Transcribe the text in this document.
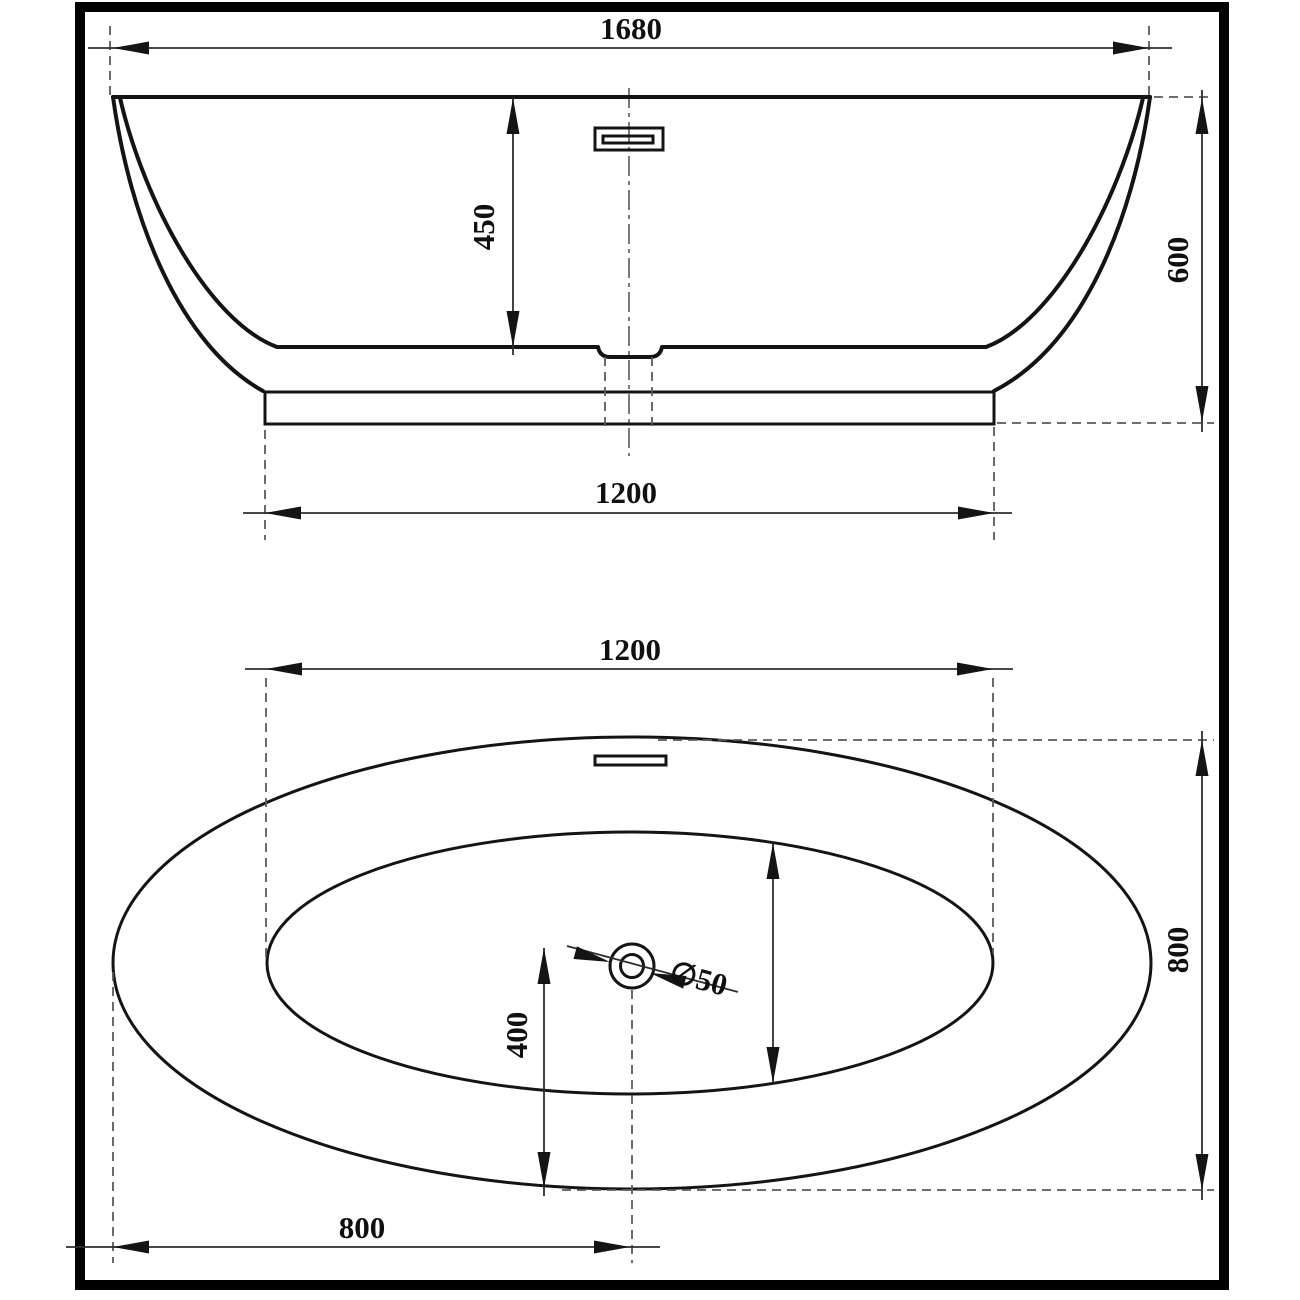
1680
450
600
1200
∅50
1200
800
400
800
